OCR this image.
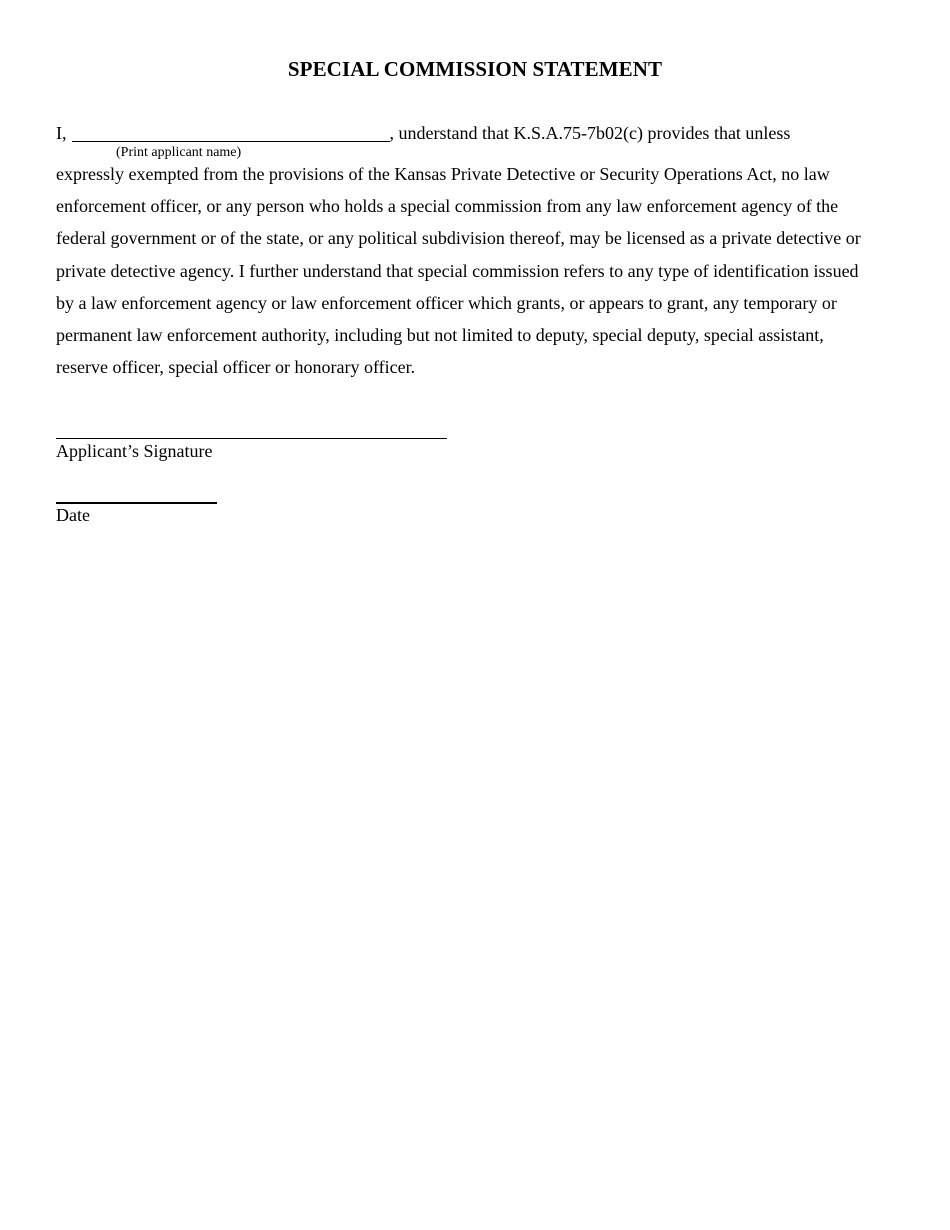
SPECIAL COMMISSION STATEMENT
I,	, understand that K.S.A.75-7b02(c) provides that unless
(Print applicant name)
expressly exempted from the provisions of the Kansas Private Detective or Security Operations Act, no law
enforcement officer, or any person who holds a special commission from any law enforcement agency of the
federal government or of the state, or any political subdivision thereof, may be licensed as a private detective or
private detective agency. I further understand that special commission refers to any type of identification issued
by a law enforcement agency or law enforcement officer which grants, or appears to grant, any temporary or
permanent law enforcement authority, including but not limited to deputy, special deputy, special assistant,
reserve officer, special officer or honorary officer.
Applicant’s Signature
Date
